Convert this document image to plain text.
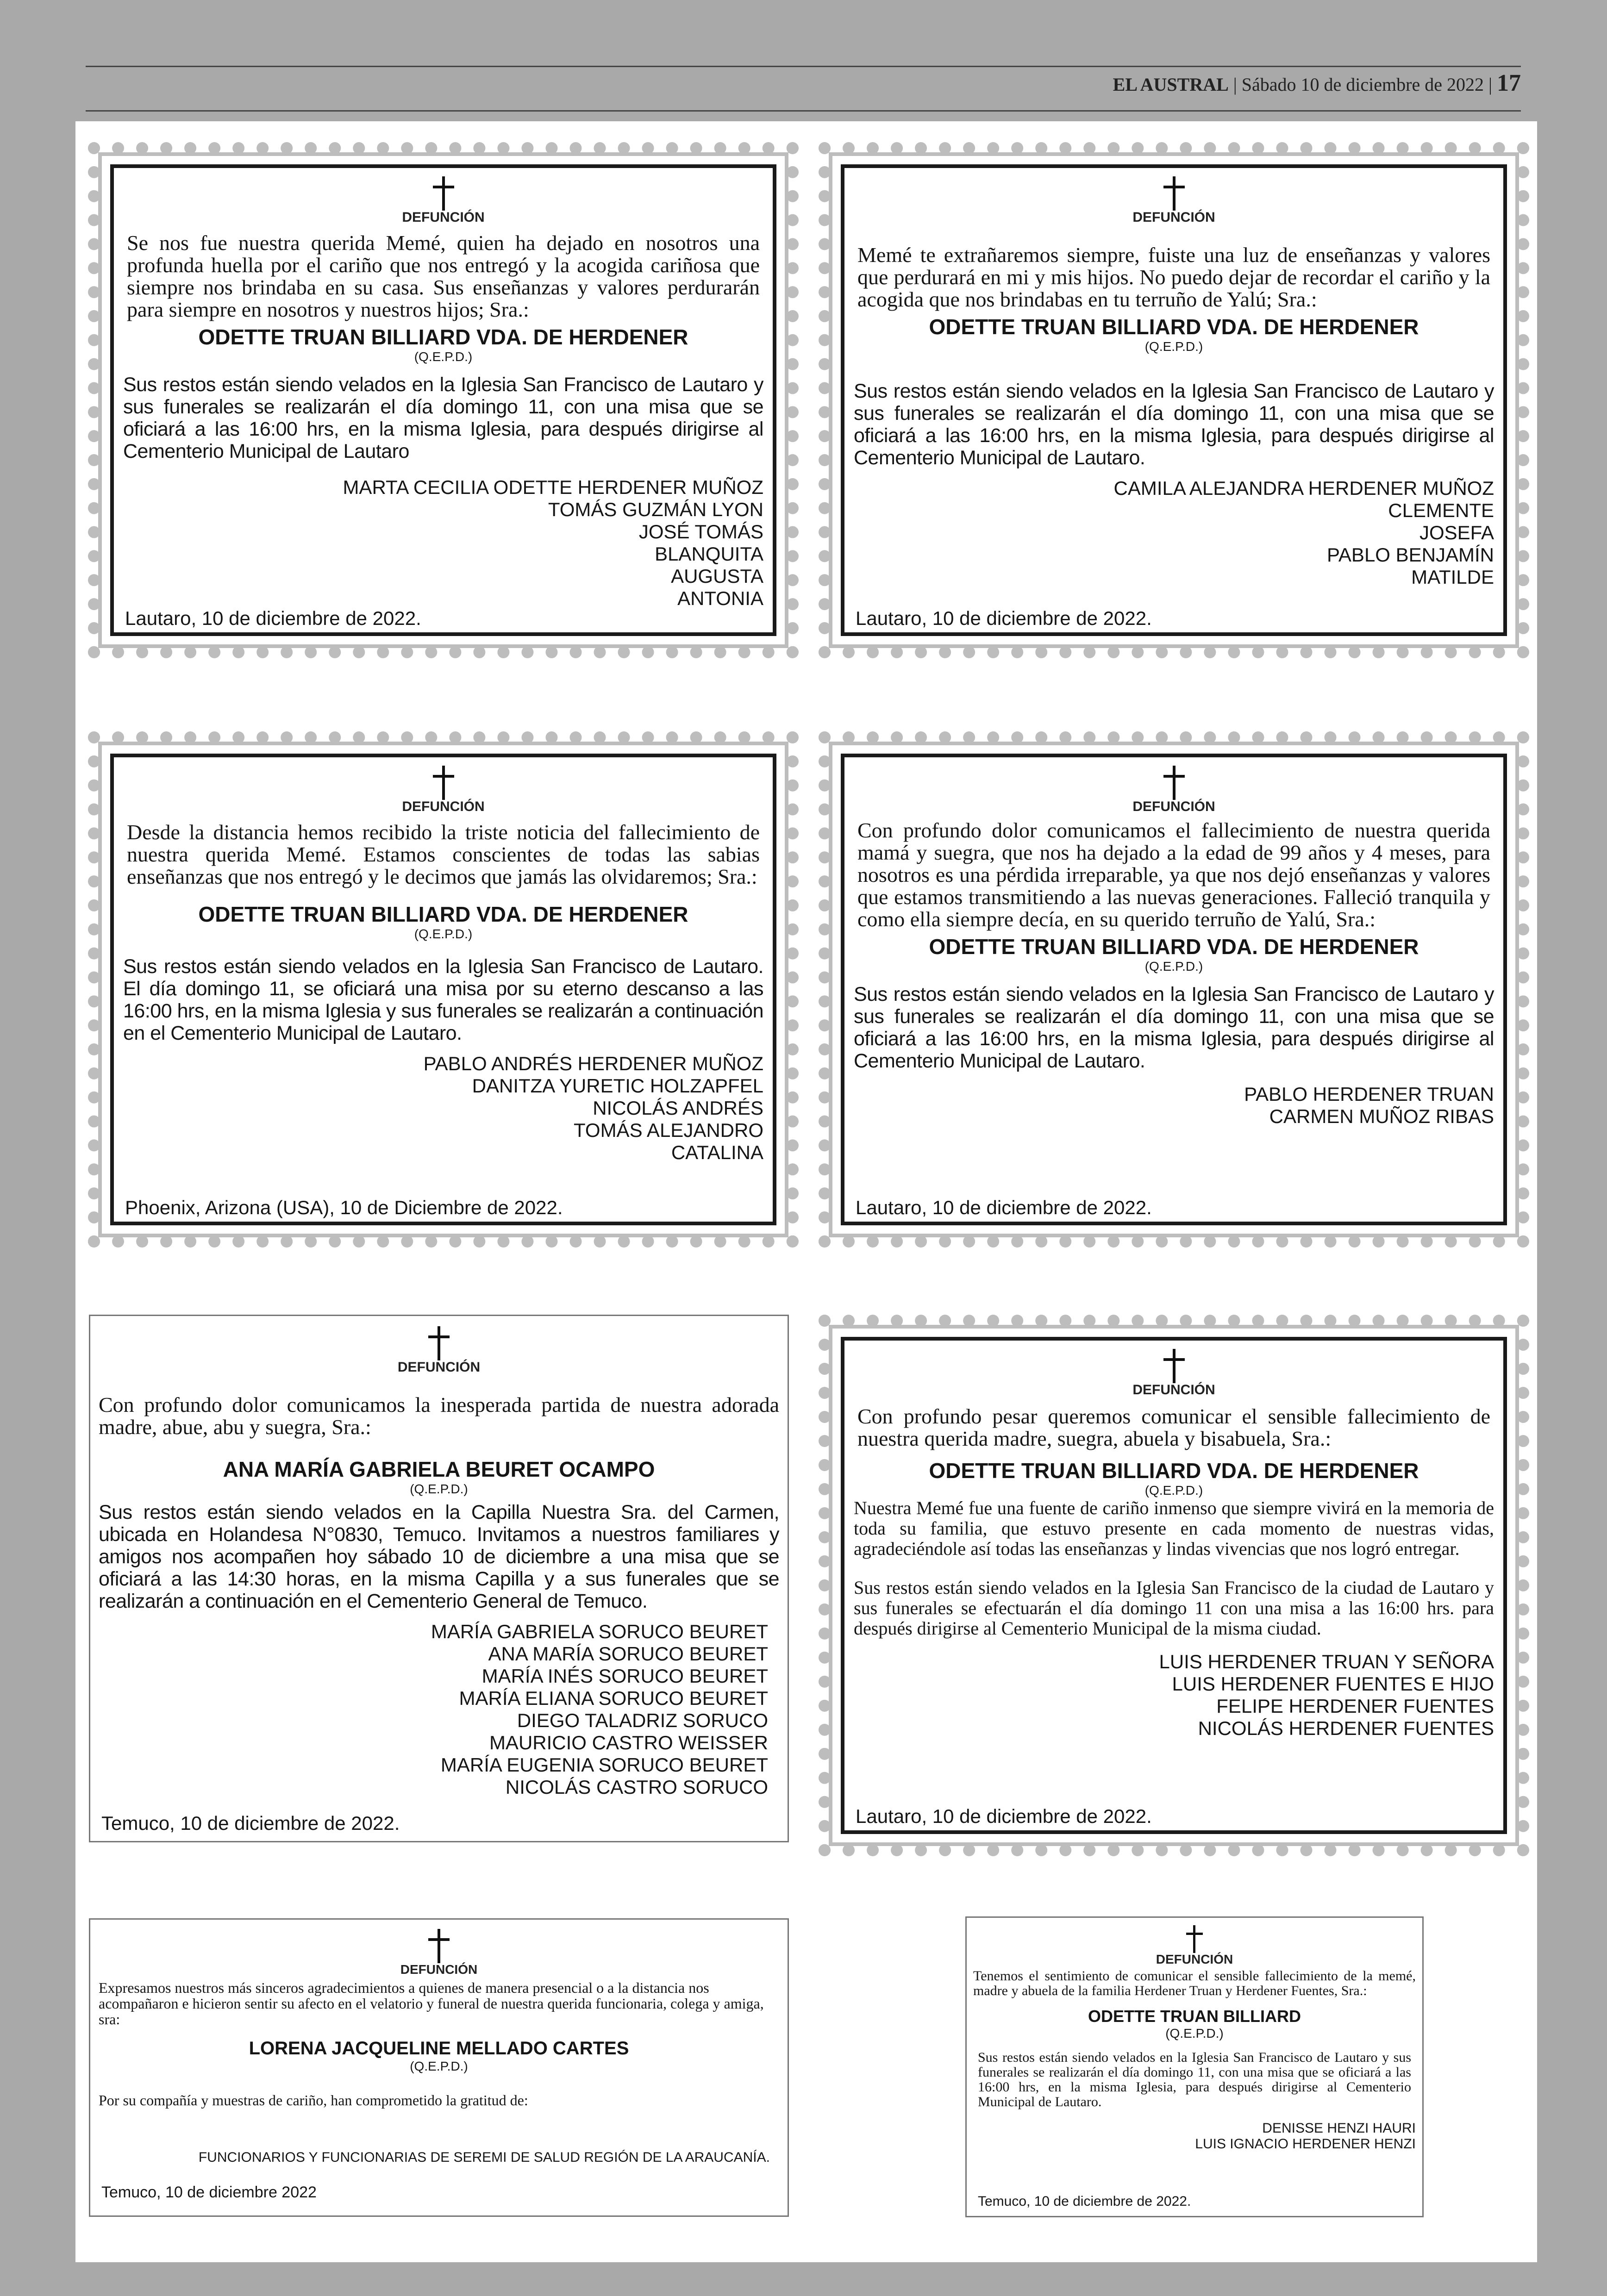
EL AUSTRAL | Sábado 10 de diciembre de 2022 | 17
DEFUNCIÓN
Se nos fue nuestra querida Memé, quien ha dejado en nosotros una profunda huella por el cariño que nos entregó y la acogida cariñosa que siempre nos brindaba en su casa. Sus enseñanzas y valores perdurarán para siempre en nosotros y nuestros hijos; Sra.:
ODETTE TRUAN BILLIARD VDA. DE HERDENER
(Q.E.P.D.)
Sus restos están siendo velados en la Iglesia San Francisco de Lautaro y sus funerales se realizarán el día domingo 11, con una misa que se oficiará a las 16:00 hrs, en la misma Iglesia, para después dirigirse al Cementerio Municipal de Lautaro
MARTA CECILIA ODETTE HERDENER MUÑOZ
TOMÁS GUZMÁN LYON
JOSÉ TOMÁS
BLANQUITA
AUGUSTA
ANTONIA
Lautaro, 10 de diciembre de 2022.
DEFUNCIÓN
Memé te extrañaremos siempre, fuiste una luz de enseñanzas y valores que perdurará en mi y mis hijos. No puedo dejar de recordar el cariño y la acogida que nos brindabas en tu terruño de Yalú; Sra.:
ODETTE TRUAN BILLIARD VDA. DE HERDENER
(Q.E.P.D.)
Sus restos están siendo velados en la Iglesia San Francisco de Lautaro y sus funerales se realizarán el día domingo 11, con una misa que se oficiará a las 16:00 hrs, en la misma Iglesia, para después dirigirse al Cementerio Municipal de Lautaro.
CAMILA ALEJANDRA HERDENER MUÑOZ
CLEMENTE
JOSEFA
PABLO BENJAMÍN
MATILDE
Lautaro, 10 de diciembre de 2022.
DEFUNCIÓN
Desde la distancia hemos recibido la triste noticia del fallecimiento de nuestra querida Memé. Estamos conscientes de todas las sabias enseñanzas que nos entregó y le decimos que jamás las olvidaremos; Sra.:
ODETTE TRUAN BILLIARD VDA. DE HERDENER
(Q.E.P.D.)
Sus restos están siendo velados en la Iglesia San Francisco de Lautaro. El día domingo 11, se oficiará una misa por su eterno descanso a las 16:00 hrs, en la misma Iglesia y sus funerales se realizarán a continuación en el Cementerio Municipal de Lautaro.
PABLO ANDRÉS HERDENER MUÑOZ
DANITZA YURETIC HOLZAPFEL
NICOLÁS ANDRÉS
TOMÁS ALEJANDRO
CATALINA
Phoenix, Arizona (USA), 10 de Diciembre de 2022.
DEFUNCIÓN
Con profundo dolor comunicamos el fallecimiento de nuestra querida mamá y suegra, que nos ha dejado a la edad de 99 años y 4 meses, para nosotros es una pérdida irreparable, ya que nos dejó enseñanzas y valores que estamos transmitiendo a las nuevas generaciones. Falleció tranquila y como ella siempre decía, en su querido terruño de Yalú, Sra.:
ODETTE TRUAN BILLIARD VDA. DE HERDENER
(Q.E.P.D.)
Sus restos están siendo velados en la Iglesia San Francisco de Lautaro y sus funerales se realizarán el día domingo 11, con una misa que se oficiará a las 16:00 hrs, en la misma Iglesia, para después dirigirse al Cementerio Municipal de Lautaro.
PABLO HERDENER TRUAN
CARMEN MUÑOZ RIBAS
Lautaro, 10 de diciembre de 2022.
DEFUNCIÓN
Con profundo dolor comunicamos la inesperada partida de nuestra adorada madre, abue, abu y suegra, Sra.:
ANA MARÍA GABRIELA BEURET OCAMPO
(Q.E.P.D.)
Sus restos están siendo velados en la Capilla Nuestra Sra. del Carmen, ubicada en Holandesa N°0830, Temuco. Invitamos a nuestros familiares y amigos nos acompañen hoy sábado 10 de diciembre a una misa que se oficiará a las 14:30 horas, en la misma Capilla y a sus funerales que se realizarán a continuación en el Cementerio General de Temuco.
MARÍA GABRIELA SORUCO BEURET
ANA MARÍA SORUCO BEURET
MARÍA INÉS SORUCO BEURET
MARÍA ELIANA SORUCO BEURET
DIEGO TALADRIZ SORUCO
MAURICIO CASTRO WEISSER
MARÍA EUGENIA SORUCO BEURET
NICOLÁS CASTRO SORUCO
Temuco, 10 de diciembre de 2022.
DEFUNCIÓN
Con profundo pesar queremos comunicar el sensible fallecimiento de nuestra querida madre, suegra, abuela y bisabuela, Sra.:
ODETTE TRUAN BILLIARD VDA. DE HERDENER
(Q.E.P.D.)
Nuestra Memé fue una fuente de cariño inmenso que siempre vivirá en la memoria de toda su familia, que estuvo presente en cada momento de nuestras vidas, agradeciéndole así todas las enseñanzas y lindas vivencias que nos logró entregar.
Sus restos están siendo velados en la Iglesia San Francisco de la ciudad de Lautaro y sus funerales se efectuarán el día domingo 11 con una misa a las 16:00 hrs. para después dirigirse al Cementerio Municipal de la misma ciudad.
LUIS HERDENER TRUAN Y SEÑORA
LUIS HERDENER FUENTES E HIJO
FELIPE HERDENER FUENTES
NICOLÁS HERDENER FUENTES
Lautaro, 10 de diciembre de 2022.
DEFUNCIÓN
Expresamos nuestros más sinceros agradecimientos a quienes de manera presencial o a la distancia nos acompañaron e hicieron sentir su afecto en el velatorio y funeral de nuestra querida funcionaria, colega y amiga, sra:
LORENA JACQUELINE MELLADO CARTES
(Q.E.P.D.)
Por su compañía y muestras de cariño, han comprometido la gratitud de:
FUNCIONARIOS Y FUNCIONARIAS DE SEREMI DE SALUD REGIÓN DE LA ARAUCANÍA.
Temuco, 10 de diciembre 2022
DEFUNCIÓN
Tenemos el sentimiento de comunicar el sensible fallecimiento de la memé, madre y abuela de la familia Herdener Truan y Herdener Fuentes, Sra.:
ODETTE TRUAN BILLIARD
(Q.E.P.D.)
Sus restos están siendo velados en la Iglesia San Francisco de Lautaro y sus funerales se realizarán el día domingo 11, con una misa que se oficiará a las 16:00 hrs, en la misma Iglesia, para después dirigirse al Cementerio Municipal de Lautaro.
DENISSE HENZI HAURI
LUIS IGNACIO HERDENER HENZI
Temuco, 10 de diciembre de 2022.
